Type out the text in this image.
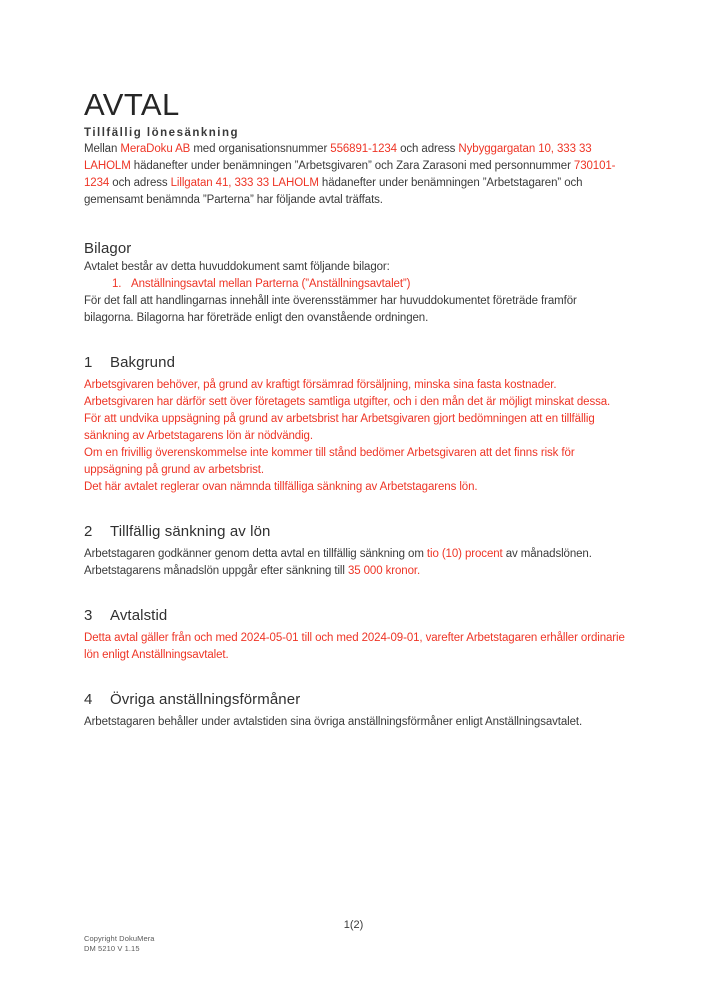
AVTAL
Tillfällig lönesänkning

Mellan MeraDoku AB med organisationsnummer 556891-1234 och adress Nybyggargatan 10, 333 33 LAHOLM hädanefter under benämningen ”Arbetsgivaren” och Zara Zarasoni med personnummer 730101-1234 och adress Lillgatan 41, 333 33 LAHOLM hädanefter under benämningen ”Arbetstagaren” och gemensamt benämnda ”Parterna” har följande avtal träffats.

Bilagor

Avtalet består av detta huvuddokument samt följande bilagor:

1. Anställningsavtal mellan Parterna (”Anställningsavtalet”)

För det fall att handlingarnas innehåll inte överensstämmer har huvuddokumentet företräde framför bilagorna. Bilagorna har företräde enligt den ovanstående ordningen.

1 Bakgrund

Arbetsgivaren behöver, på grund av kraftigt försämrad försäljning, minska sina fasta kostnader. Arbetsgivaren har därför sett över företagets samtliga utgifter, och i den mån det är möjligt minskat dessa. För att undvika uppsägning på grund av arbetsbrist har Arbetsgivaren gjort bedömningen att en tillfällig sänkning av Arbetstagarens lön är nödvändig.

Om en frivillig överenskommelse inte kommer till stånd bedömer Arbetsgivaren att det finns risk för uppsägning på grund av arbetsbrist.

Det här avtalet reglerar ovan nämnda tillfälliga sänkning av Arbetstagarens lön.

2 Tillfällig sänkning av lön

Arbetstagaren godkänner genom detta avtal en tillfällig sänkning om tio (10) procent av månadslönen. Arbetstagarens månadslön uppgår efter sänkning till 35 000 kronor.

3 Avtalstid

Detta avtal gäller från och med 2024-05-01 till och med 2024-09-01, varefter Arbetstagaren erhåller ordinarie lön enligt Anställningsavtalet.

4 Övriga anställningsförmåner

Arbetstagaren behåller under avtalstiden sina övriga anställningsförmåner enligt Anställningsavtalet.

1(2)
Copyright DokuMera
DM 5210 V 1.15
